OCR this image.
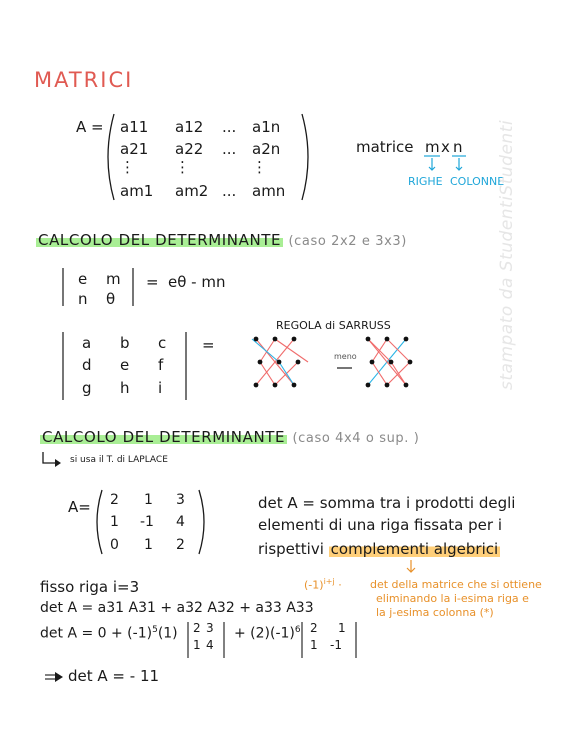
MATRICI
A = a11 a12 ... a1n
a21 a22 ... a2n
⋮	⋮	⋮
am1 am2 ... amn
matrice m x n
RIGHE COLONNE
CALCOLO DEL DETERMINANTE (caso 2x2 e 3x3)
e m
n θ
= eθ - mn
a b c
d e f
g h i
=
REGOLA di SARRUSS
meno
CALCOLO DEL DETERMINANTE (caso 4x4 o sup. )
si usa il T. di LAPLACE
A= 2 1 3
1 -1 4
0 1 2
det A = somma tra i prodotti degli
elementi di una riga fissata per i
rispettivi complementi algebrici
$(-1)^{i+j}$ ·	det della matrice che si ottiene
eliminando la i-esima riga e
la j-esima colonna (*)
fisso riga i=3
det A = a31 A31 + a32 A32 + a33 A33
$\det A = 0 + (-1)^5(1)$ 2 3
1 4
+ $(2)(-1)^6$ 2 1
1 -1
det A = - 11
stampato da StudentiStudenti
